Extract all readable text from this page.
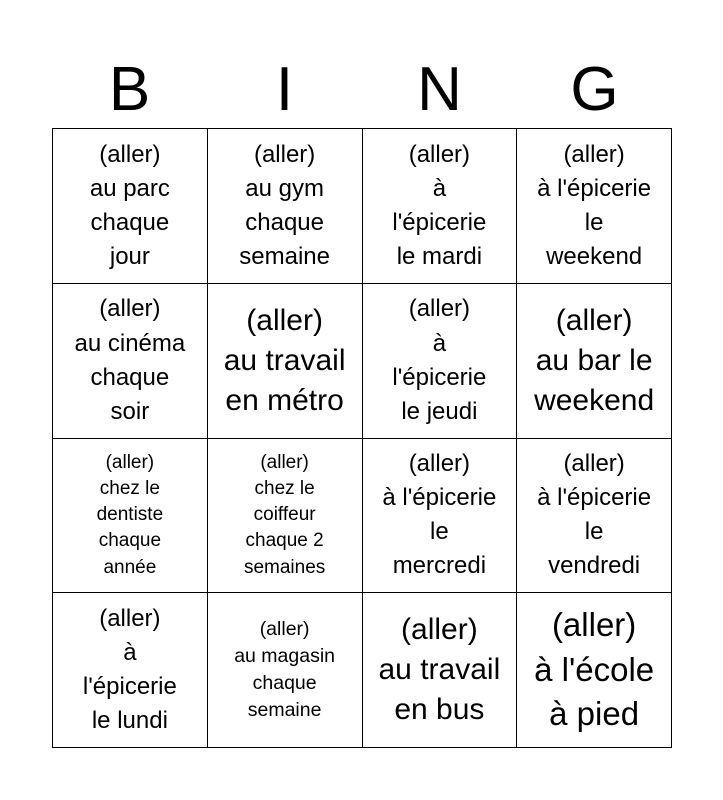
B	I	N	G
(aller)
au parc
chaque
jour
(aller)
au gym
chaque
semaine
(aller)
à
l'épicerie
le mardi
(aller)
à l'épicerie
le
weekend
(aller)
au cinéma
chaque
soir
(aller)
au travail
en métro
(aller)
à
l'épicerie
le jeudi
(aller)
au bar le
weekend
(aller)
chez le
dentiste
chaque
année
(aller)
chez le
coiffeur
chaque 2
semaines
(aller)
à l'épicerie
le
mercredi
(aller)
à l'épicerie
le
vendredi
(aller)
à
l'épicerie
le lundi
(aller)
au magasin
chaque
semaine
(aller)
au travail
en bus
(aller)
à l'école
à pied
